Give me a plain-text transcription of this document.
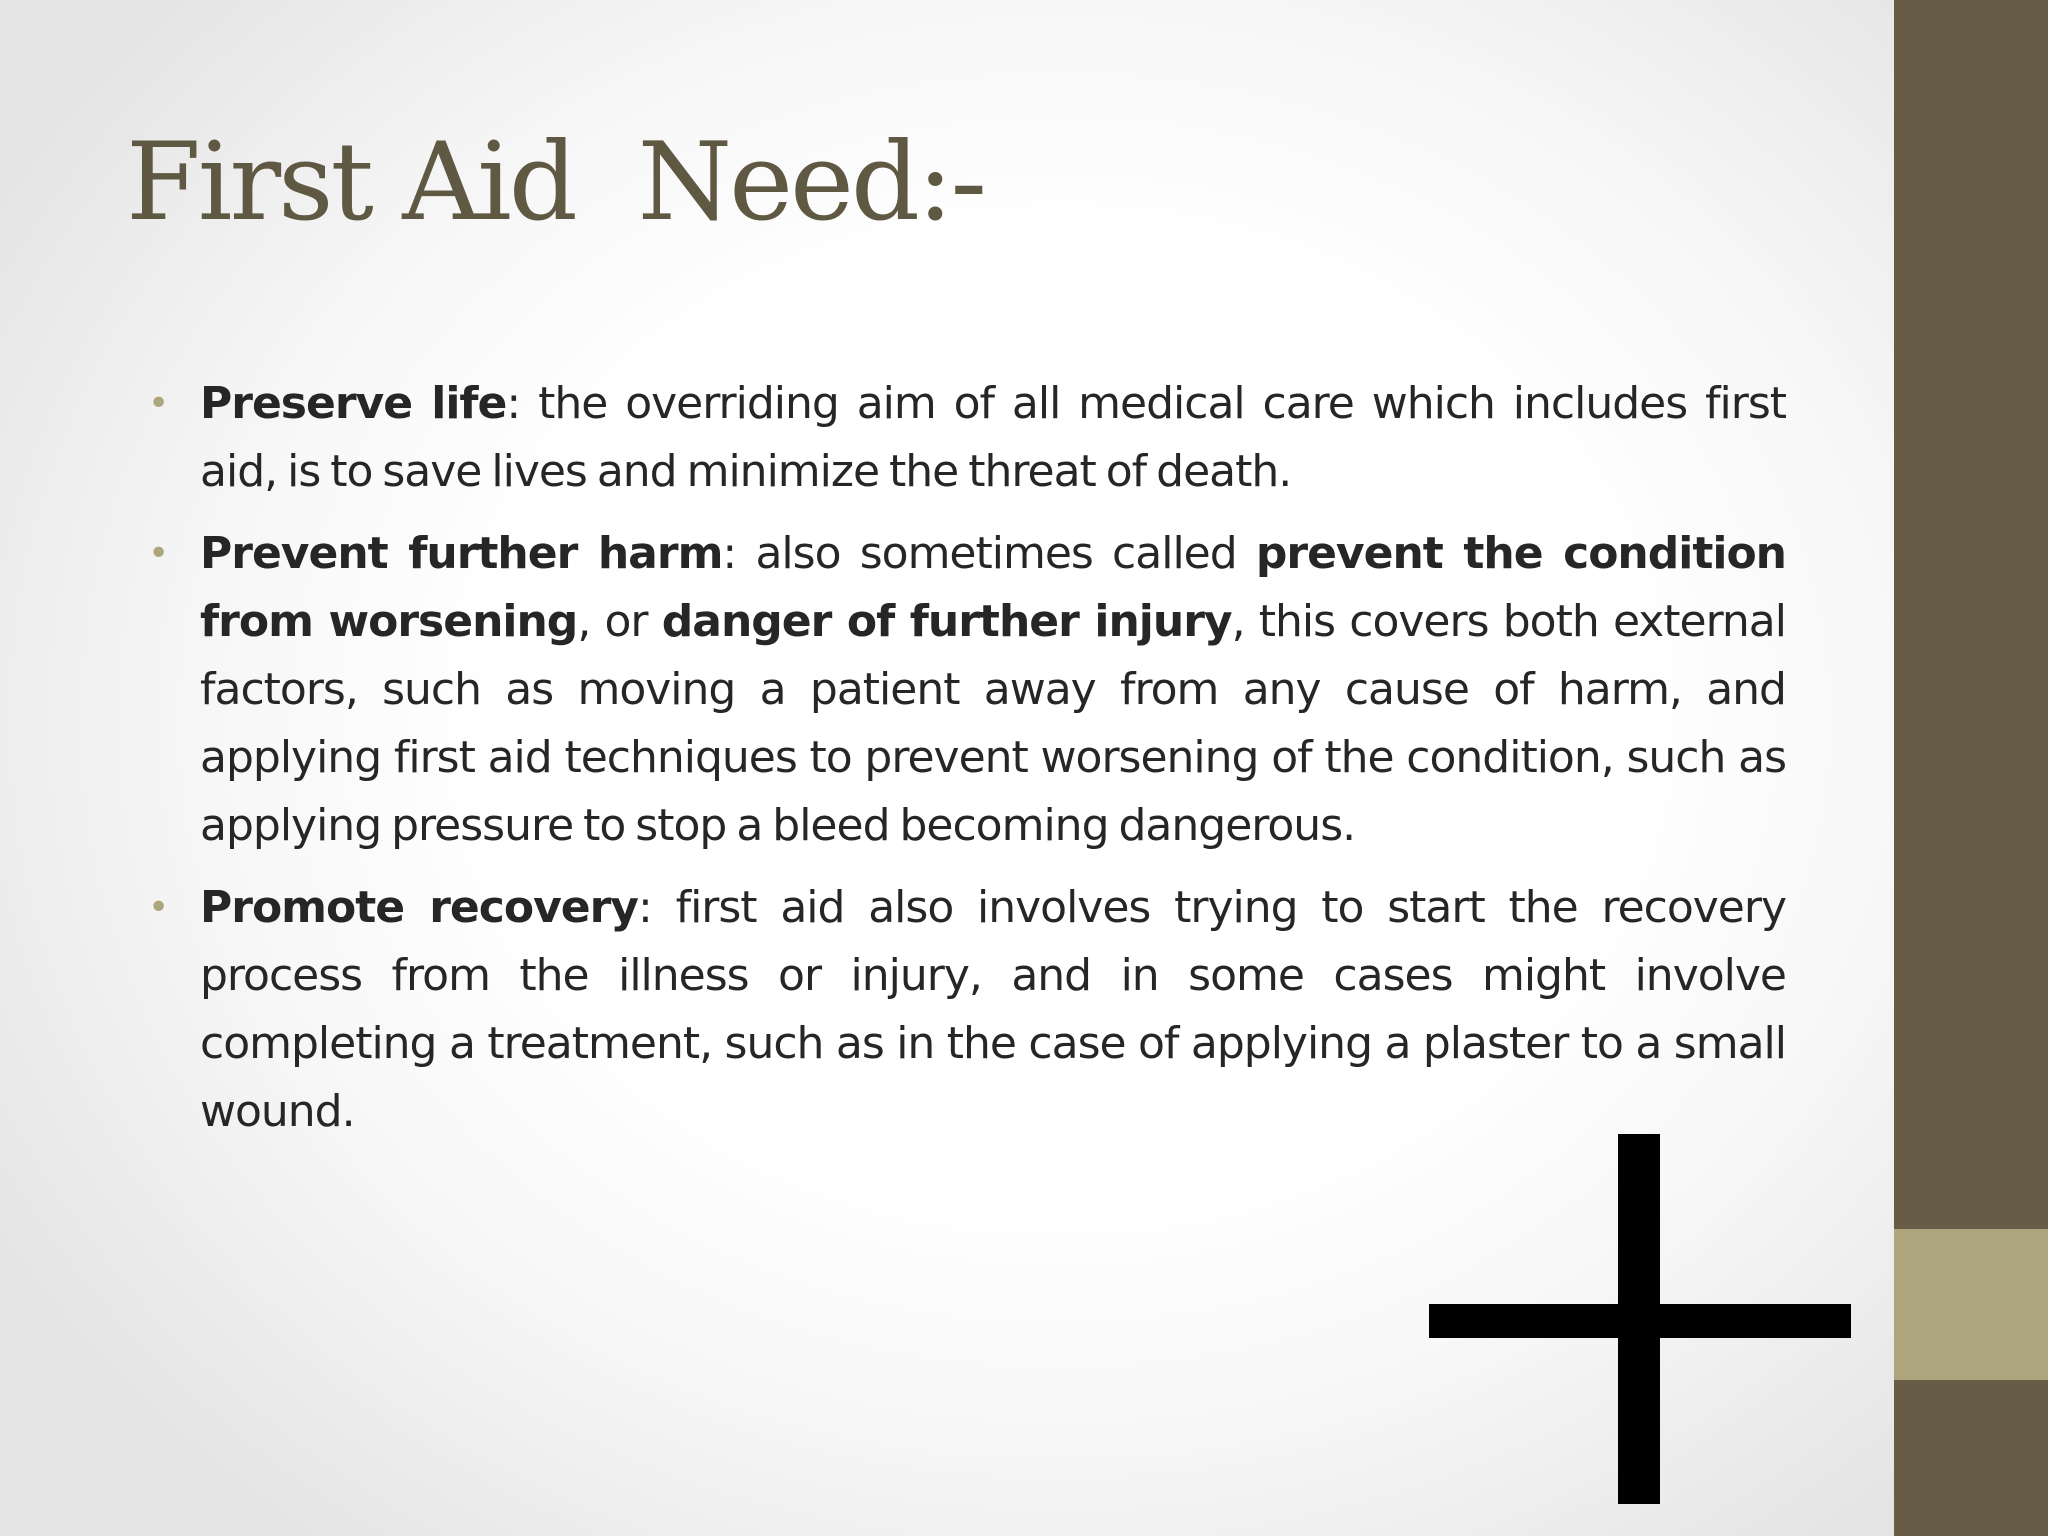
First Aid  Need:-
• Preserve life: the overriding aim of all medical care which includes first aid, is to save lives and minimize the threat of death.
• Prevent further harm: also sometimes called prevent the condition from worsening, or danger of further injury, this covers both external factors, such as moving a patient away from any cause of harm, and applying first aid techniques to prevent worsening of the condition, such as applying pressure to stop a bleed becoming dangerous.
• Promote recovery: first aid also involves trying to start the recovery process from the illness or injury, and in some cases might involve completing a treatment, such as in the case of applying a plaster to a small wound.
